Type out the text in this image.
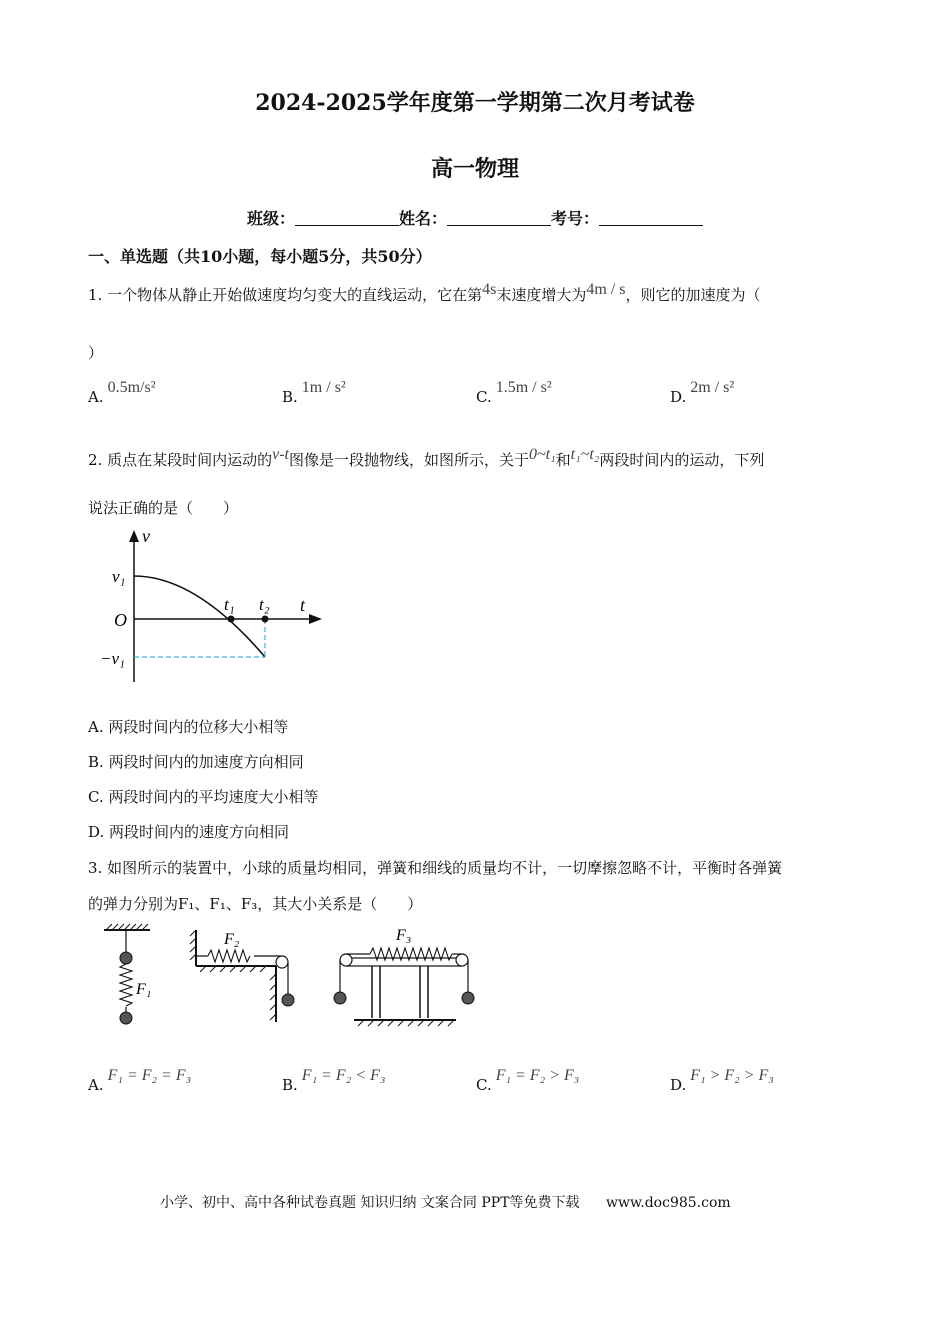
2024-2025学年度第一学期第二次月考试卷
高一物理
班级：	姓名：	考号：
一、单选题（共10小题，每小题5分，共50分）
1. 一个物体从静止开始做速度均匀变大的直线运动，它在第4s末速度增大为4m / s，则它的加速度为（
）
A.0.5m/s²
B.1m / s²
C.1.5m / s²
D.2m / s²
2. 质点在某段时间内运动的v-t图像是一段抛物线，如图所示，关于0~t₁和t₁~t₂两段时间内的运动，下列
说法正确的是（　　）
v
t
O
v₁
−v₁
t₁ t₂
A. 两段时间内的位移大小相等
B. 两段时间内的加速度方向相同
C. 两段时间内的平均速度大小相等
D. 两段时间内的速度方向相同
3. 如图所示的装置中，小球的质量均相同，弹簧和细线的质量均不计，一切摩擦忽略不计，平衡时各弹簧
的弹力分别为F₁、F₁、F₃，其大小关系是（　　）
F₁
F₂	F₃
A.F₁ = F₂ = F₃
B.F₁ = F₂ < F₃
C.F₁ = F₂ > F₃
D.F₁ > F₂ > F₃
小学、初中、高中各种试卷真题 知识归纳 文案合同 PPT等免费下载 www.doc985.com
